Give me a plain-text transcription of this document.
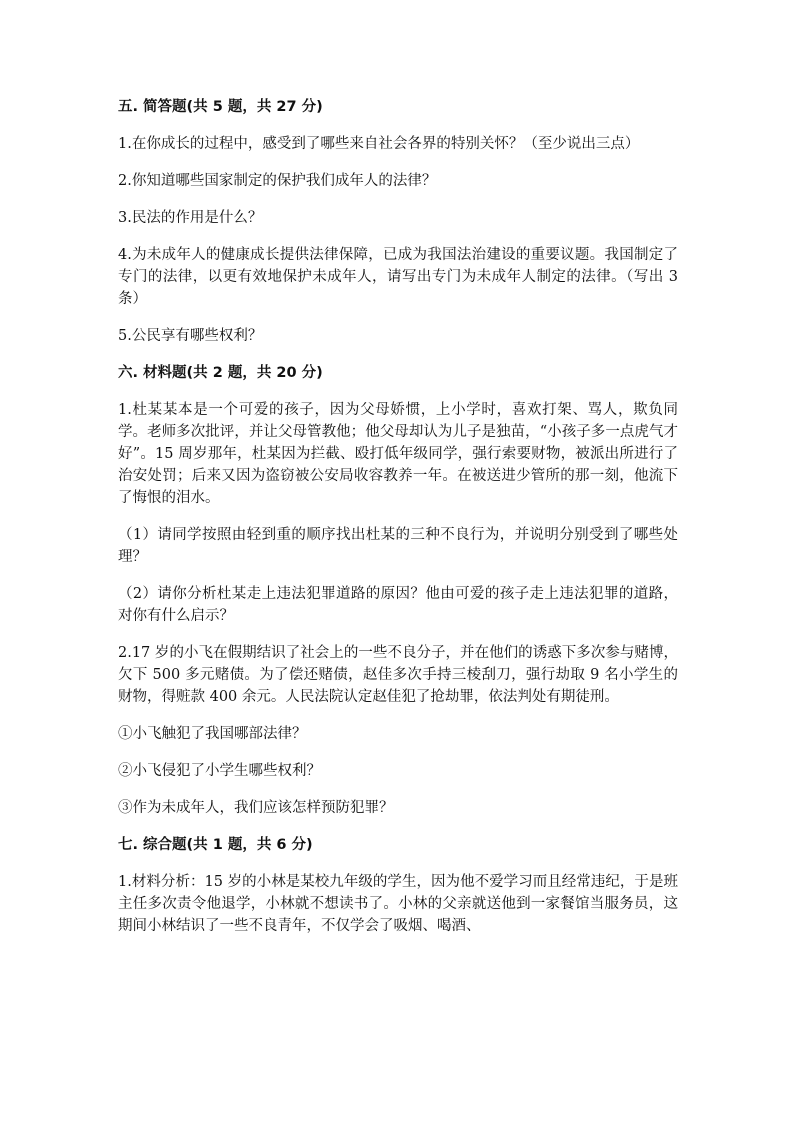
五. 简答题(共 5 题，共 27 分)
1.在你成长的过程中，感受到了哪些来自社会各界的特别关怀？（至少说出三点）
2.你知道哪些国家制定的保护我们成年人的法律？
3.民法的作用是什么？
4.为未成年人的健康成长提供法律保障，已成为我国法治建设的重要议题。我国制定了专门的法律，以更有效地保护未成年人，请写出专门为未成年人制定的法律。（写出 3 条）
5.公民享有哪些权利？
六. 材料题(共 2 题，共 20 分)
1.杜某某本是一个可爱的孩子，因为父母娇惯，上小学时，喜欢打架、骂人，欺负同学。老师多次批评，并让父母管教他；他父母却认为儿子是独苗，“小孩子多一点虎气才好”。15 周岁那年，杜某因为拦截、殴打低年级同学，强行索要财物，被派出所进行了治安处罚；后来又因为盗窃被公安局收容教养一年。在被送进少管所的那一刻，他流下了悔恨的泪水。
（1）请同学按照由轻到重的顺序找出杜某的三种不良行为，并说明分别受到了哪些处理？
（2）请你分析杜某走上违法犯罪道路的原因？他由可爱的孩子走上违法犯罪的道路，对你有什么启示？
2.17 岁的小飞在假期结识了社会上的一些不良分子，并在他们的诱惑下多次参与赌博，欠下 500 多元赌债。为了偿还赌债，赵佳多次手持三棱刮刀，强行劫取 9 名小学生的财物，得赃款 400 余元。人民法院认定赵佳犯了抢劫罪，依法判处有期徒刑。
①小飞触犯了我国哪部法律？
②小飞侵犯了小学生哪些权利？
③作为未成年人，我们应该怎样预防犯罪？
七. 综合题(共 1 题，共 6 分)
1.材料分析：15 岁的小林是某校九年级的学生，因为他不爱学习而且经常违纪，于是班主任多次责令他退学，小林就不想读书了。小林的父亲就送他到一家餐馆当服务员，这期间小林结识了一些不良青年，不仅学会了吸烟、喝酒、
